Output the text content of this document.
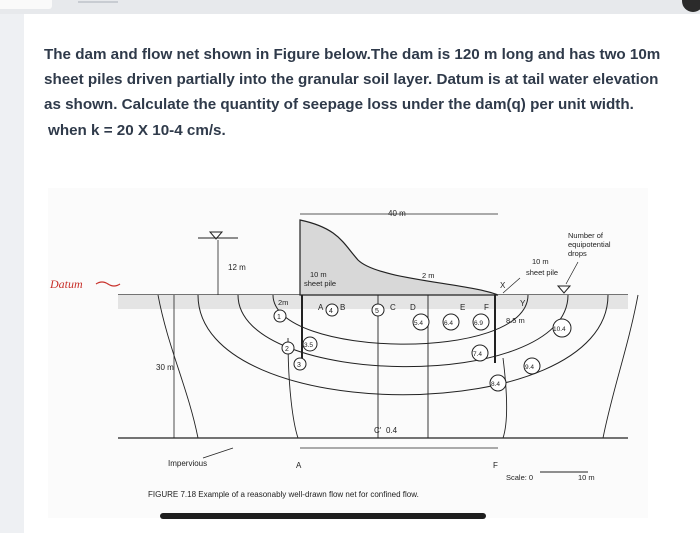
The dam and flow net shown in Figure below.The dam is 120 m long and has two 10m

sheet piles driven partially into the granular soil layer. Datum is at tail water elevation

as shown. Calculate the quantity of seepage loss under the dam(q) per unit width.

when k = 20 X 10-4 cm/s.
12 m
40 m
10 m sheet pile
2m
2 m
10 m
sheet pile
8.5 m
Number of equipotential drops
Impervious
30 m
A B	C D	E F
X
Y
C' 0.4
A	F
1
2
3
3.5
4	5
5.4	6.4	6.9
7.4
8.4
9.4
10.4
Datum
Scale: 0	10 m
FIGURE 7.18 Example of a reasonably well-drawn flow net for confined flow.
